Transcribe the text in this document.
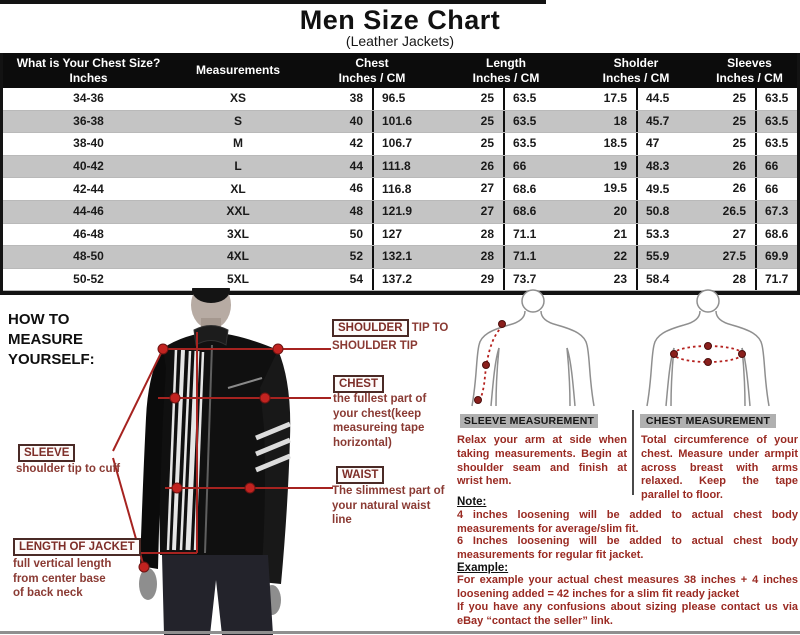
Men Size Chart
(Leather Jackets)
What is Your Chest Size?
Inches
Measurements
Chest
Inches / CM
Length
Inches / CM
Sholder
Inches / CM
Sleeves
Inches / CM
34-36	XS	38	96.5	25	63.5	17.5	44.5	25	63.5
36-38	S	40	101.6	25	63.5	18	45.7	25	63.5
38-40	M	42	106.7	25	63.5	18.5	47	25	63.5
40-42	L	44	111.8	26	66	19	48.3	26	66
42-44	XL	46	116.8	27	68.6	19.5	49.5	26	66
44-46	XXL	48	121.9	27	68.6	20	50.8	26.5	67.3
46-48	3XL	50	127	28	71.1	21	53.3	27	68.6
48-50	4XL	52	132.1	28	71.1	22	55.9	27.5	69.9
50-52	5XL	54	137.2	29	73.7	23	58.4	28	71.7
HOW TO MEASURE YOURSELF:
SLEEVE
shoulder tip to cuff
LENGTH OF JACKET
full vertical length from center base of back neck
SHOULDER TIP TO
SHOULDER TIP
CHEST
the fullest part of your chest(keep measureing tape horizontal)
WAIST
The slimmest part of your natural waist line
SLEEVE MEASUREMENT	CHEST MEASUREMENT
Relax your arm at side when taking measurements. Begin at shoulder seam and finish at wrist hem.
Total circumference of your chest. Measure under armpit across breast with arms relaxed. Keep the tape parallel to floor.
Note:
4 inches loosening will be added to actual chest body measurements for average/slim fit.
6 Inches loosening will be added to actual chest body measurements for regular fit jacket.
Example:
For example your actual chest measures 38 inches + 4 inches loosening added = 42 inches for a slim fit ready jacket
If you have any confusions about sizing please contact us via eBay “contact the seller” link.
